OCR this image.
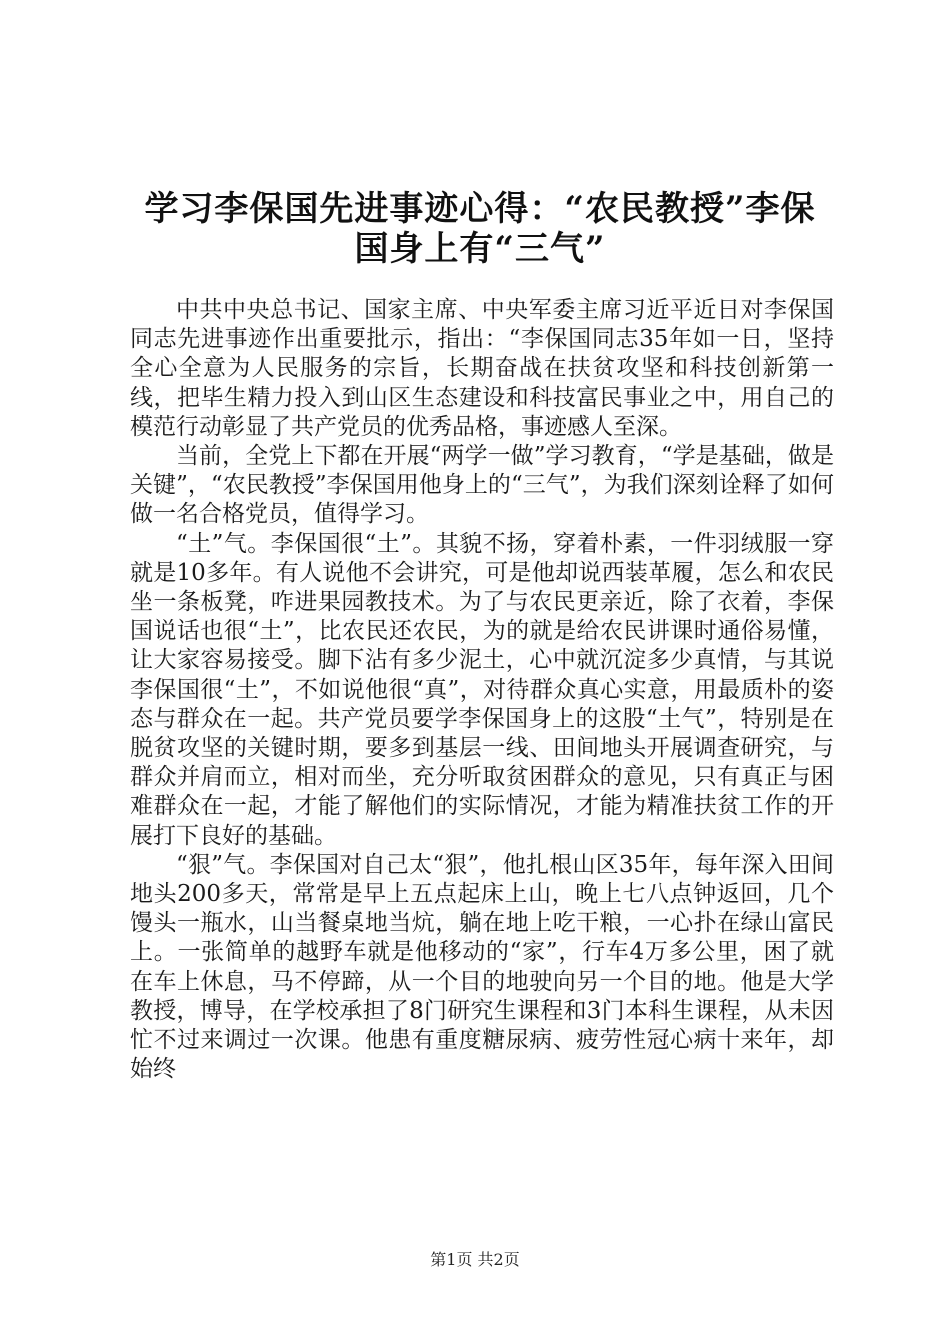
学习李保国先进事迹心得：“农民教授”李保
国身上有“三气”

中共中央总书记、国家主席、中央军委主席习近平近日对李保国同志先进事迹作出重要批示，指出：“李保国同志35年如一日，坚持全心全意为人民服务的宗旨，长期奋战在扶贫攻坚和科技创新第一线，把毕生精力投入到山区生态建设和科技富民事业之中，用自己的模范行动彰显了共产党员的优秀品格，事迹感人至深。

当前，全党上下都在开展“两学一做”学习教育，“学是基础，做是关键”，“农民教授”李保国用他身上的“三气”，为我们深刻诠释了如何做一名合格党员，值得学习。

“土”气。李保国很“土”。其貌不扬，穿着朴素，一件羽绒服一穿就是10多年。有人说他不会讲究，可是他却说西装革履，怎么和农民坐一条板凳，咋进果园教技术。为了与农民更亲近，除了衣着，李保国说话也很“土”，比农民还农民，为的就是给农民讲课时通俗易懂，让大家容易接受。脚下沾有多少泥土，心中就沉淀多少真情，与其说李保国很“土”，不如说他很“真”，对待群众真心实意，用最质朴的姿态与群众在一起。共产党员要学李保国身上的这股“土气”，特别是在脱贫攻坚的关键时期，要多到基层一线、田间地头开展调查研究，与群众并肩而立，相对而坐，充分听取贫困群众的意见，只有真正与困难群众在一起，才能了解他们的实际情况，才能为精准扶贫工作的开展打下良好的基础。

“狠”气。李保国对自己太“狠”，他扎根山区35年，每年深入田间地头200多天，常常是早上五点起床上山，晚上七八点钟返回，几个馒头一瓶水，山当餐桌地当炕，躺在地上吃干粮，一心扑在绿山富民上。一张简单的越野车就是他移动的“家”，行车4万多公里，困了就在车上休息，马不停蹄，从一个目的地驶向另一个目的地。他是大学教授，博导，在学校承担了8门研究生课程和3门本科生课程，从未因忙不过来调过一次课。他患有重度糖尿病、疲劳性冠心病十来年，却始终

第1页 共2页
